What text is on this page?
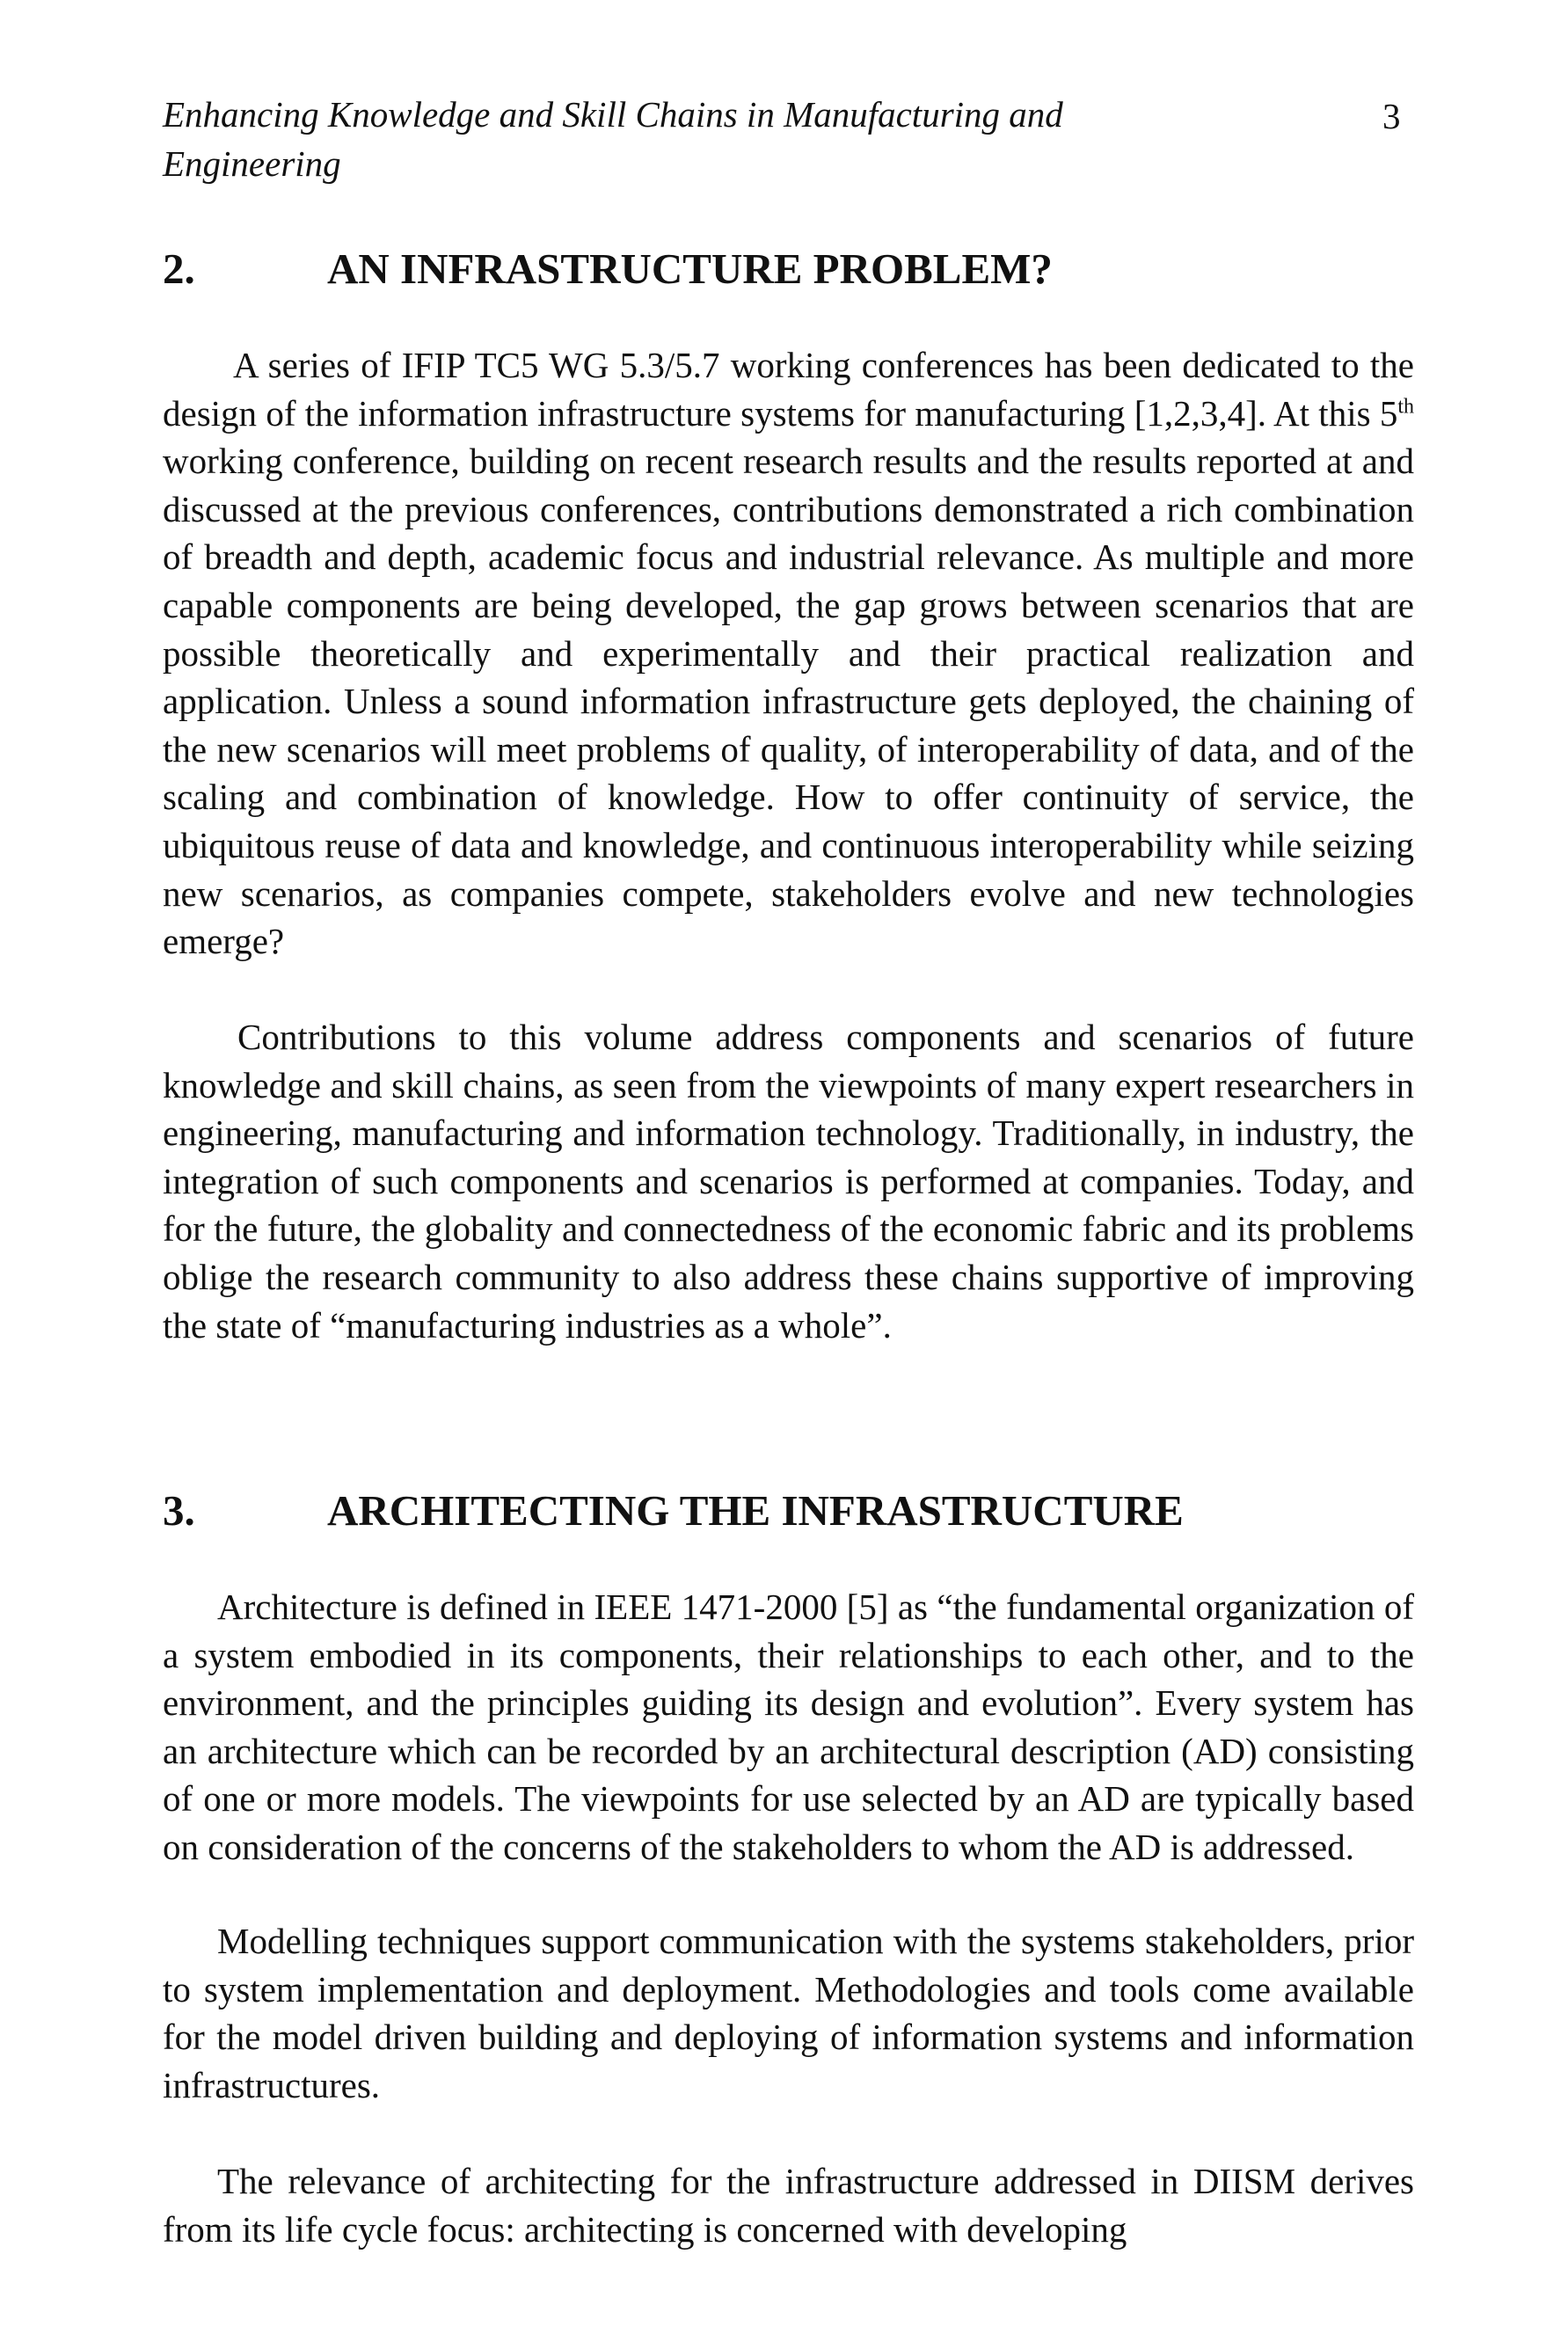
Enhancing Knowledge and Skill Chains in Manufacturing and Engineering
3
2.	AN INFRASTRUCTURE PROBLEM?

A series of IFIP TC5 WG 5.3/5.7 working conferences has been dedicated to the design of the information infrastructure systems for manufacturing [1,2,3,4]. At this 5th working conference, building on recent research results and the results reported at and discussed at the previous conferences, contributions demonstrated a rich combination of breadth and depth, academic focus and industrial relevance. As multiple and more capable components are being developed, the gap grows between scenarios that are possible theoretically and experimentally and their practical realization and application. Unless a sound information infrastructure gets deployed, the chaining of the new scenarios will meet problems of quality, of interoperability of data, and of the scaling and combination of knowledge. How to offer continuity of service, the ubiquitous reuse of data and knowledge, and continuous interoperability while seizing new scenarios, as companies compete, stakeholders evolve and new technologies emerge?

Contributions to this volume address components and scenarios of future knowledge and skill chains, as seen from the viewpoints of many expert researchers in engineering, manufacturing and information technology. Traditionally, in industry, the integration of such components and scenarios is performed at companies. Today, and for the future, the globality and connectedness of the economic fabric and its problems oblige the research community to also address these chains supportive of improving the state of “manufacturing industries as a whole”.

3.	ARCHITECTING THE INFRASTRUCTURE

Architecture is defined in IEEE 1471-2000 [5] as “the fundamental organization of a system embodied in its components, their relationships to each other, and to the environment, and the principles guiding its design and evolution”. Every system has an architecture which can be recorded by an architectural description (AD) consisting of one or more models. The viewpoints for use selected by an AD are typically based on consideration of the concerns of the stakeholders to whom the AD is addressed.

Modelling techniques support communication with the systems stakeholders, prior to system implementation and deployment. Methodologies and tools come available for the model driven building and deploying of information systems and information infrastructures.

The relevance of architecting for the infrastructure addressed in DIISM derives from its life cycle focus: architecting is concerned with developing
